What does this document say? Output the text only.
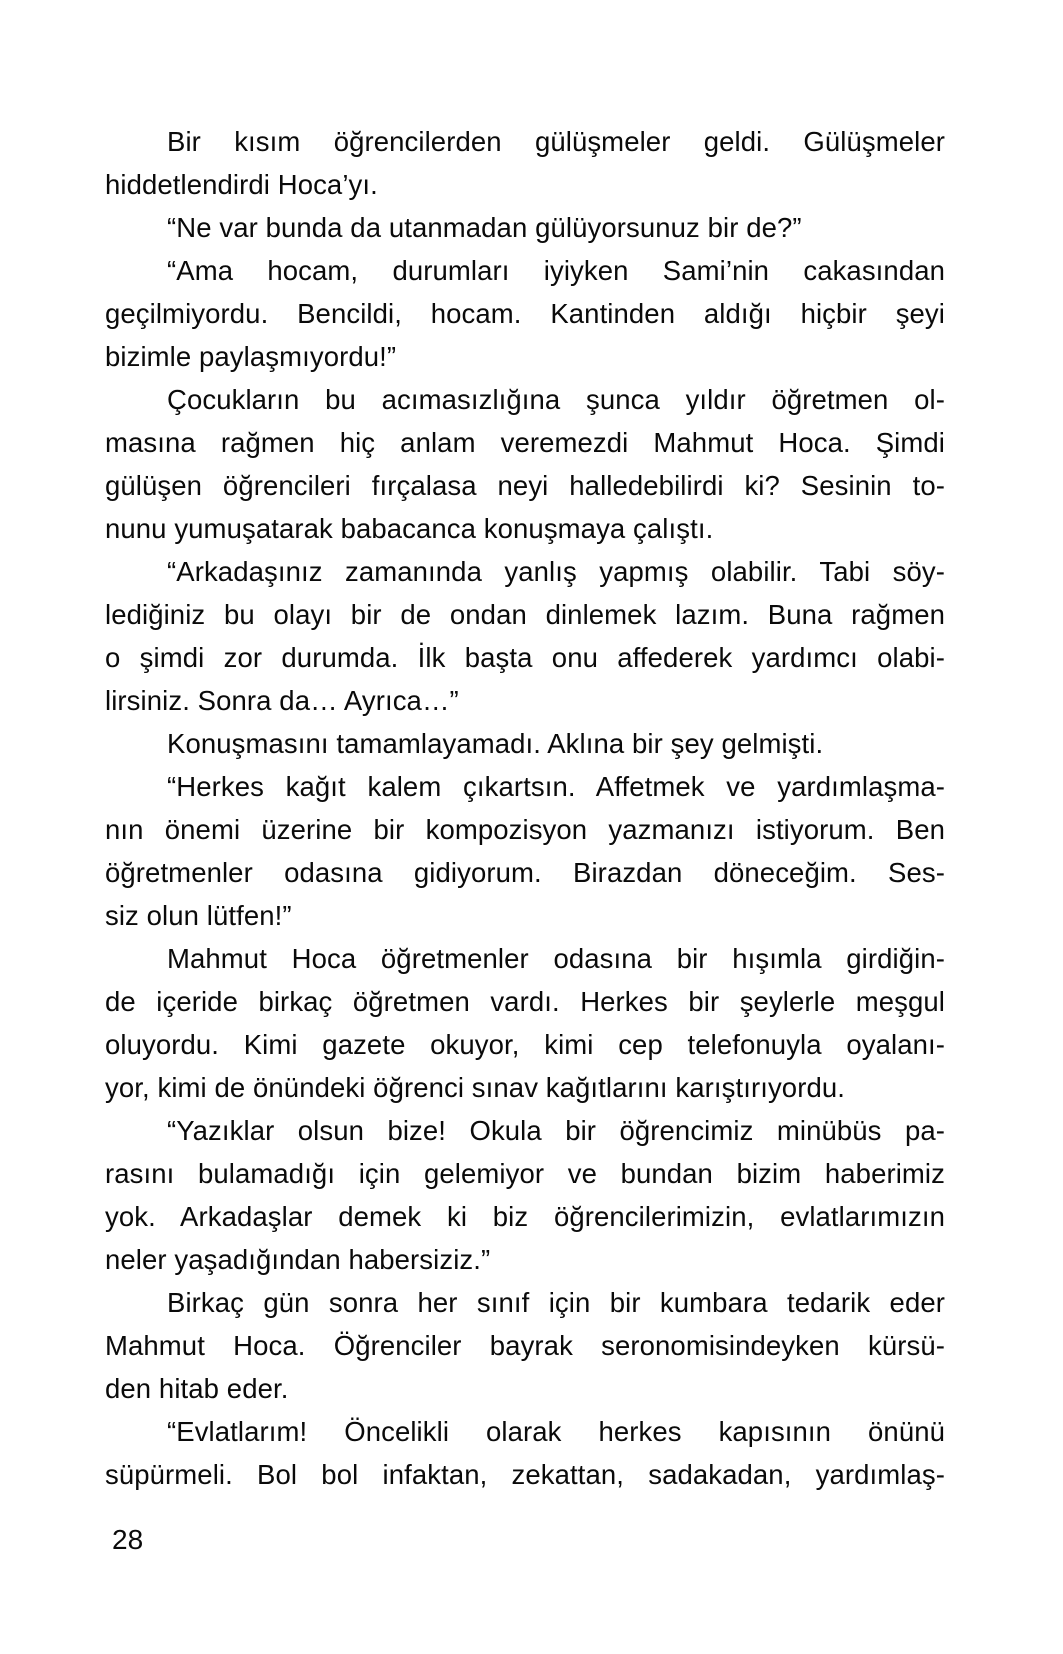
Bir kısım öğrencilerden gülüşmeler geldi. Gülüşmeler
hiddetlendirdi Hoca’yı.
“Ne var bunda da utanmadan gülüyorsunuz bir de?”
“Ama hocam, durumları iyiyken Sami’nin cakasından
geçilmiyordu. Bencildi, hocam. Kantinden aldığı hiçbir şeyi
bizimle paylaşmıyordu!”
Çocukların bu acımasızlığına şunca yıldır öğretmen ol-
masına rağmen hiç anlam veremezdi Mahmut Hoca. Şimdi
gülüşen öğrencileri fırçalasa neyi halledebilirdi ki? Sesinin to-
nunu yumuşatarak babacanca konuşmaya çalıştı.
“Arkadaşınız zamanında yanlış yapmış olabilir. Tabi söy-
lediğiniz bu olayı bir de ondan dinlemek lazım. Buna rağmen
o şimdi zor durumda. İlk başta onu affederek yardımcı olabi-
lirsiniz. Sonra da… Ayrıca…”
Konuşmasını tamamlayamadı. Aklına bir şey gelmişti.
“Herkes kağıt kalem çıkartsın. Affetmek ve yardımlaşma-
nın önemi üzerine bir kompozisyon yazmanızı istiyorum. Ben
öğretmenler odasına gidiyorum. Birazdan döneceğim. Ses-
siz olun lütfen!”
Mahmut Hoca öğretmenler odasına bir hışımla girdiğin-
de içeride birkaç öğretmen vardı. Herkes bir şeylerle meşgul
oluyordu. Kimi gazete okuyor, kimi cep telefonuyla oyalanı-
yor, kimi de önündeki öğrenci sınav kağıtlarını karıştırıyordu.
“Yazıklar olsun bize! Okula bir öğrencimiz minübüs pa-
rasını bulamadığı için gelemiyor ve bundan bizim haberimiz
yok. Arkadaşlar demek ki biz öğrencilerimizin, evlatlarımızın
neler yaşadığından habersiziz.”
Birkaç gün sonra her sınıf için bir kumbara tedarik eder
Mahmut Hoca. Öğrenciler bayrak seronomisindeyken kürsü-
den hitab eder.
“Evlatlarım! Öncelikli olarak herkes kapısının önünü
süpürmeli. Bol bol infaktan, zekattan, sadakadan, yardımlaş-
28
